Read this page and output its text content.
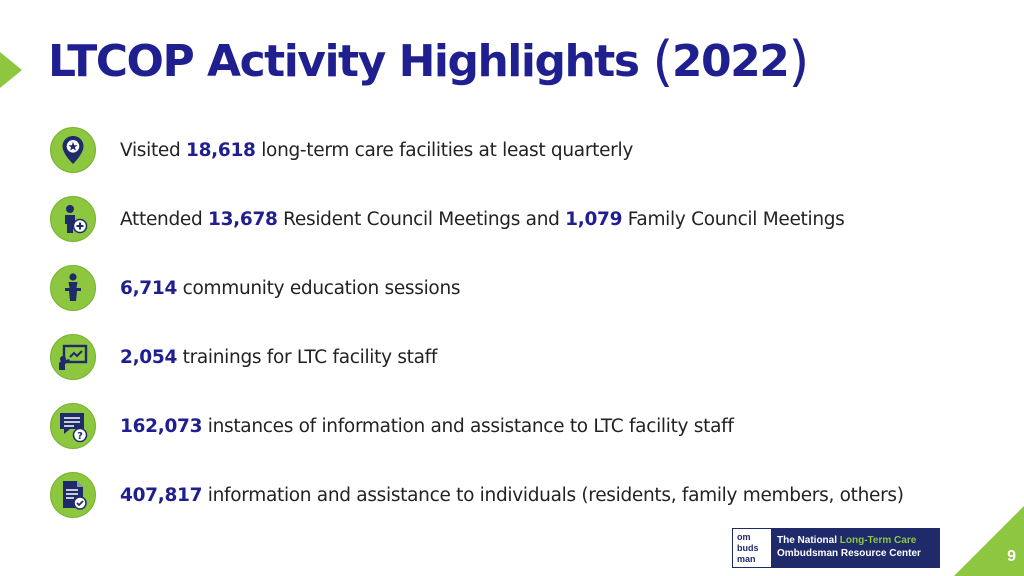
LTCOP Activity Highlights (2022)
Visited 18,618 long-term care facilities at least quarterly
Attended 13,678 Resident Council Meetings and 1,079 Family Council Meetings
6,714 community education sessions
2,054 trainings for LTC facility staff
? 162,073 instances of information and assistance to LTC facility staff
407,817 information and assistance to individuals (residents, family members, others)
om
buds
man
The National Long-Term Care
Ombudsman Resource Center	9
